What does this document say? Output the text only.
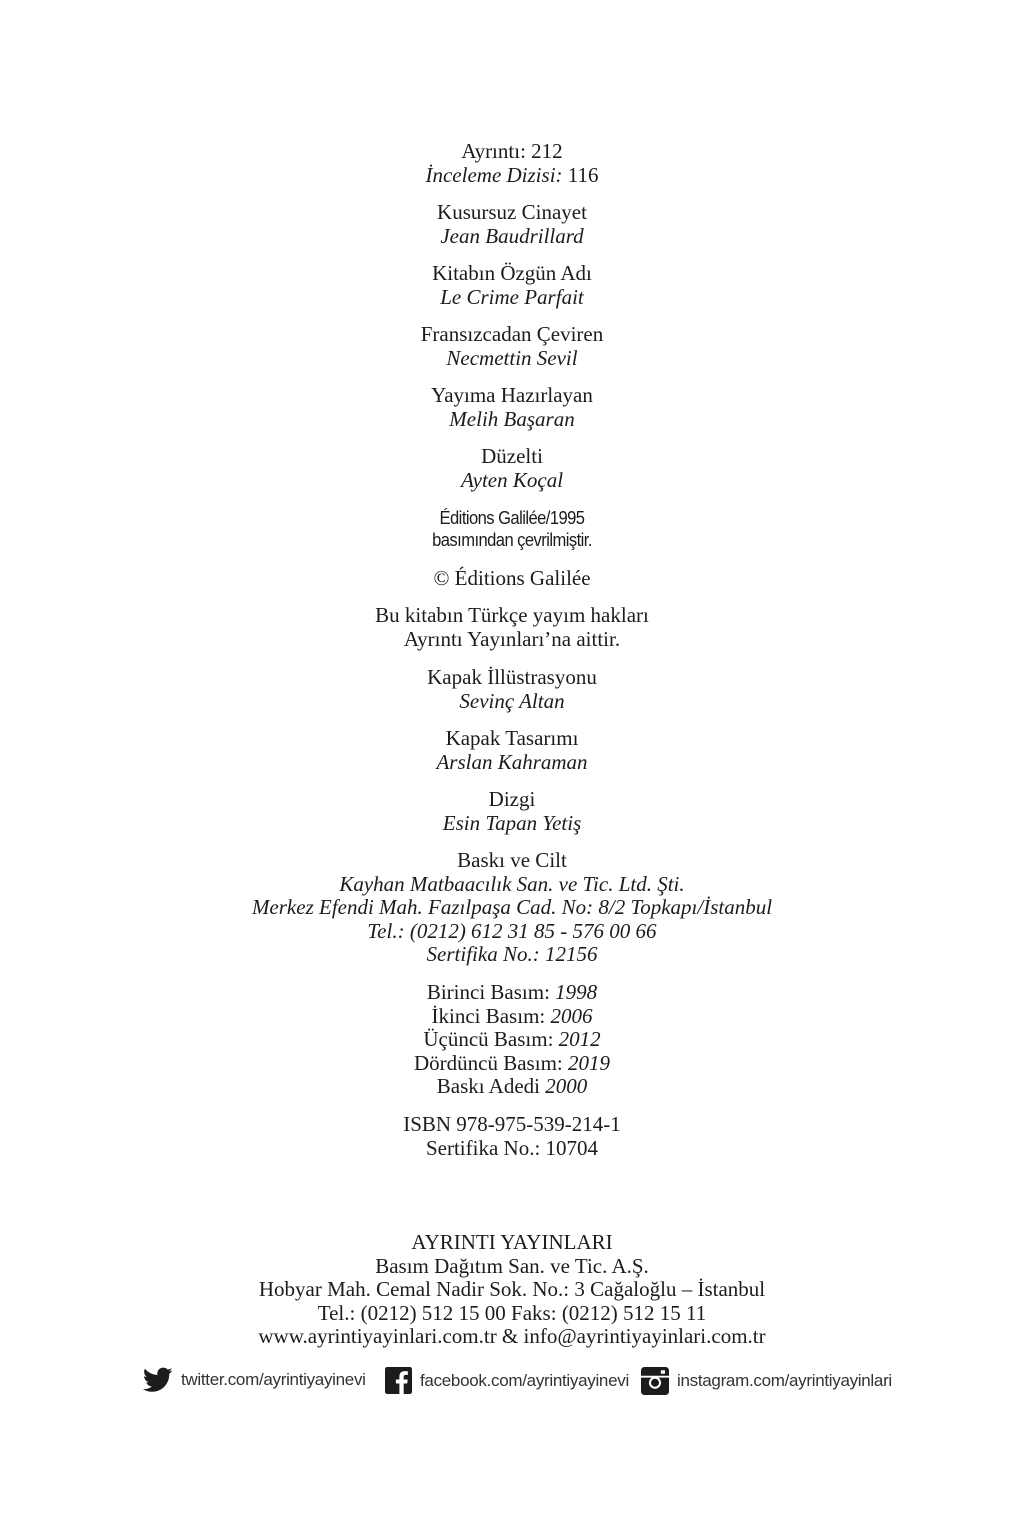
Ayrıntı: 212
İnceleme Dizisi: 116
Kusursuz Cinayet
Jean Baudrillard
Kitabın Özgün Adı
Le Crime Parfait
Fransızcadan Çeviren
Necmettin Sevil
Yayıma Hazırlayan
Melih Başaran
Düzelti
Ayten Koçal
Éditions Galilée/1995
basımından çevrilmiştir.
© Éditions Galilée
Bu kitabın Türkçe yayım hakları
Ayrıntı Yayınları’na aittir.
Kapak İllüstrasyonu
Sevinç Altan
Kapak Tasarımı
Arslan Kahraman
Dizgi
Esin Tapan Yetiş
Baskı ve Cilt
Kayhan Matbaacılık San. ve Tic. Ltd. Şti.
Merkez Efendi Mah. Fazılpaşa Cad. No: 8/2 Topkapı/İstanbul
Tel.: (0212) 612 31 85 - 576 00 66
Sertifika No.: 12156
Birinci Basım: 1998
İkinci Basım: 2006
Üçüncü Basım: 2012
Dördüncü Basım: 2019
Baskı Adedi 2000
ISBN 978-975-539-214-1
Sertifika No.: 10704
AYRINTI YAYINLARI
Basım Dağıtım San. ve Tic. A.Ş.
Hobyar Mah. Cemal Nadir Sok. No.: 3 Cağaloğlu – İstanbul
Tel.: (0212) 512 15 00 Faks: (0212) 512 15 11
www.ayrintiyayinlari.com.tr & info@ayrintiyayinlari.com.tr
twitter.com/ayrintiyayinevi	facebook.com/ayrintiyayinevi	instagram.com/ayrintiyayinlari
